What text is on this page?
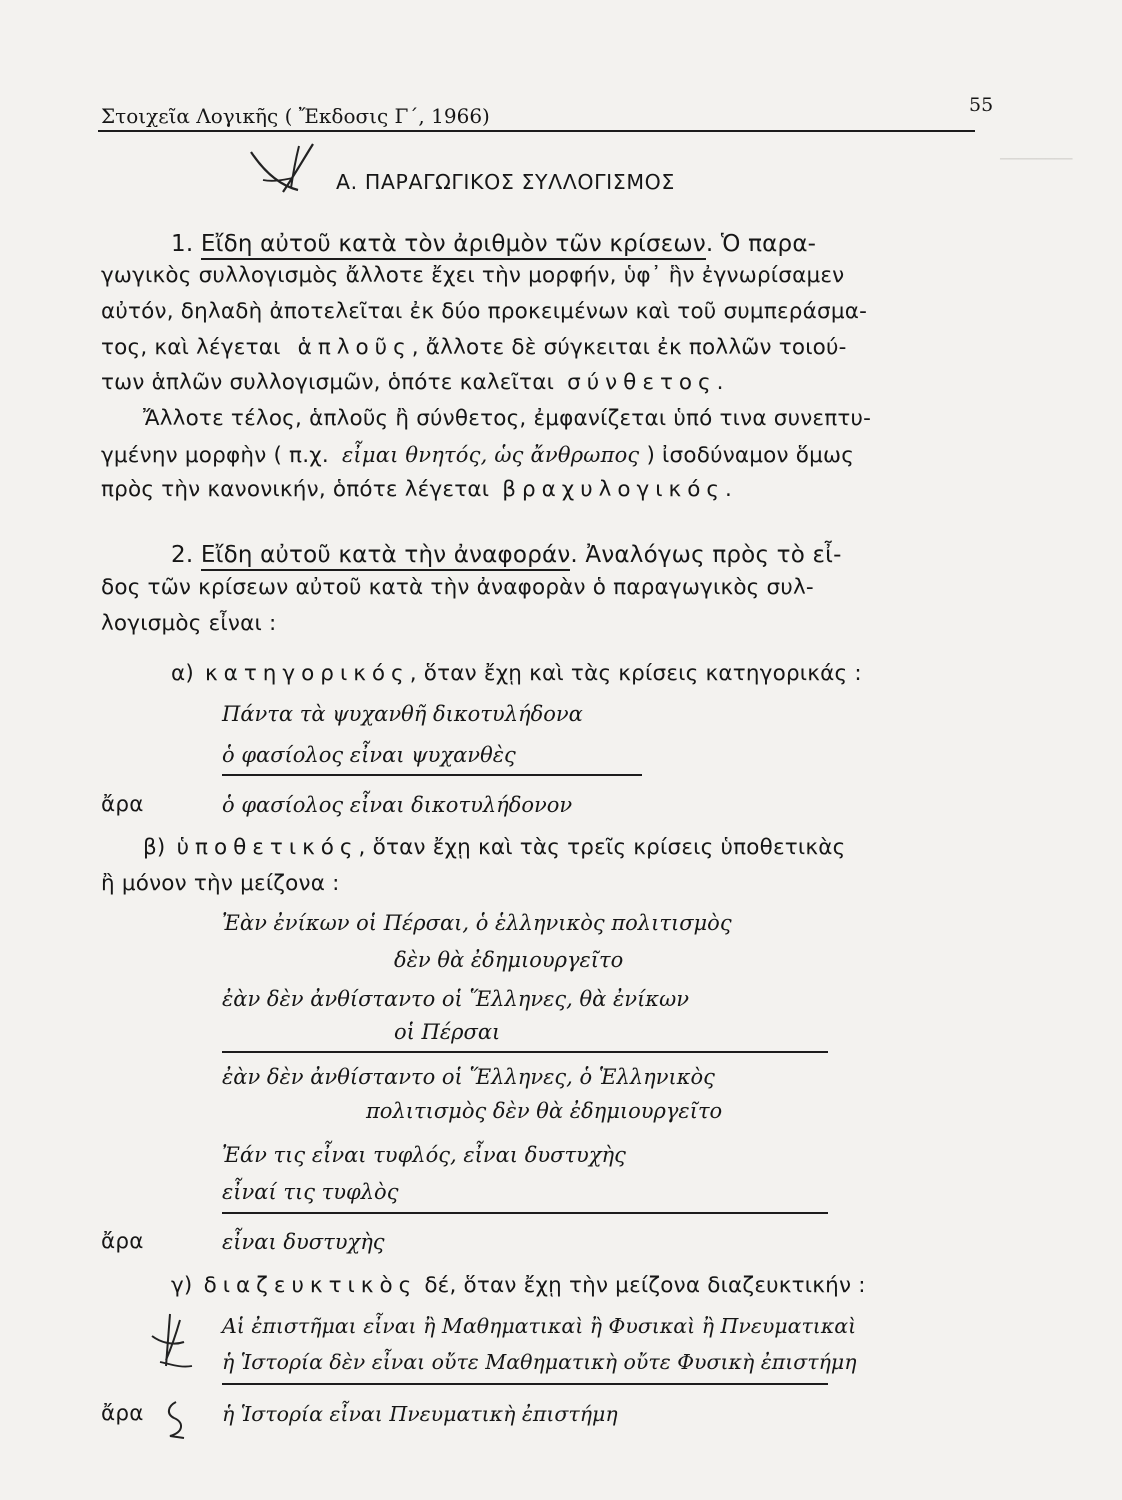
────────
Στοιχεῖα Λογικῆς ( Ἔκδοσις Γ΄, 1966)	55
Α. ΠΑΡΑΓΩΓΙΚΟΣ ΣΥΛΛΟΓΙΣΜΟΣ
1. Εἴδη αὐτοῦ κατὰ τὸν ἀριθμὸν τῶν κρίσεων. Ὁ παρα-
γωγικὸς συλλογισμὸς ἄλλοτε ἔχει τὴν μορφήν, ὑφ᾽ ἣν ἐγνωρίσαμεν
αὐτόν, δηλαδὴ ἀποτελεῖται ἐκ δύο προκειμένων καὶ τοῦ συμπεράσμα-
τος, καὶ λέγεται ἁπλοῦς, ἄλλοτε δὲ σύγκειται ἐκ πολλῶν τοιού-
των ἁπλῶν συλλογισμῶν, ὁπότε καλεῖται σύνθετος.
Ἄλλοτε τέλος, ἁπλοῦς ἢ σύνθετος, ἐμφανίζεται ὑπό τινα συνεπτυ-
γμένην μορφὴν ( π.χ. εἶμαι θνητός, ὡς ἄνθρωπος ) ἰσοδύναμον ὅμως
πρὸς τὴν κανονικήν, ὁπότε λέγεται βραχυλογικός.
2. Εἴδη αὐτοῦ κατὰ τὴν ἀναφοράν. Ἀναλόγως πρὸς τὸ εἶ-
δος τῶν κρίσεων αὐτοῦ κατὰ τὴν ἀναφορὰν ὁ παραγωγικὸς συλ-
λογισμὸς εἶναι :
α) κατηγορικός, ὅταν ἔχῃ καὶ τὰς κρίσεις κατηγορικάς :
Πάντα τὰ ψυχανθῆ δικοτυλήδονα
ὁ φασίολος εἶναι ψυχανθὲς
ἄρα	ὁ φασίολος εἶναι δικοτυλήδονον
β) ὑποθετικός, ὅταν ἔχῃ καὶ τὰς τρεῖς κρίσεις ὑποθετικὰς
ἢ μόνον τὴν μείζονα :
Ἐὰν ἐνίκων οἱ Πέρσαι, ὁ ἑλληνικὸς πολιτισμὸς
δὲν θὰ ἐδημιουργεῖτο
ἐὰν δὲν ἀνθίσταντο οἱ Ἕλληνες, θὰ ἐνίκων
οἱ Πέρσαι
ἐὰν δὲν ἀνθίσταντο οἱ Ἕλληνες, ὁ Ἑλληνικὸς
πολιτισμὸς δὲν θὰ ἐδημιουργεῖτο
Ἐάν τις εἶναι τυφλός, εἶναι δυστυχὴς
εἶναί τις τυφλὸς
ἄρα	εἶναι δυστυχὴς
γ) διαζευκτικὸς δέ, ὅταν ἔχῃ τὴν μείζονα διαζευκτικήν :
Αἱ ἐπιστῆμαι εἶναι ἢ Μαθηματικαὶ ἢ Φυσικαὶ ἢ Πνευματικαὶ
ἡ Ἱστορία δὲν εἶναι οὔτε Μαθηματικὴ οὔτε Φυσικὴ ἐπιστήμη
ἄρα	ἡ Ἱστορία εἶναι Πνευματικὴ ἐπιστήμη
